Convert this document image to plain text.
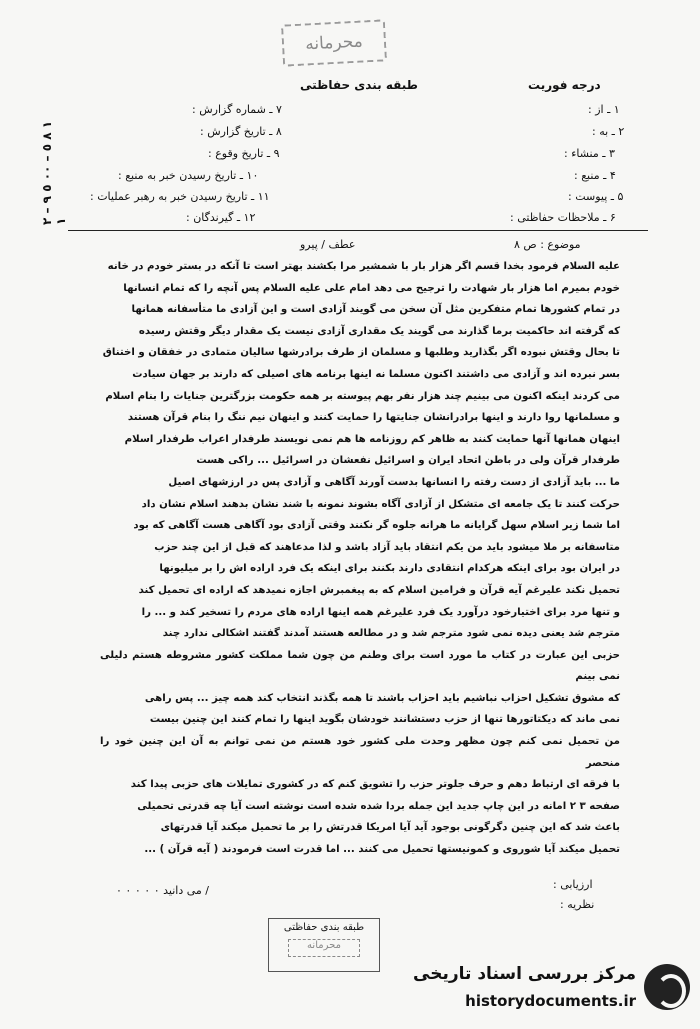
محرمانه
طبقه بندی حفاظتی	درجه فوریت
٥ – ٠٠ ٥ ٩ – ٢ ۸ ۱ ۱
۷ ـ شماره گزارش :
۸ ـ تاریخ گزارش :
۹ ـ تاریخ وقوع :
۱۰ ـ تاریخ رسیدن خبر به منبع :
۱۱ ـ تاریخ رسیدن خبر به رهبر عملیات :
۱۲ ـ گیرندگان :
۱ ـ از :
۲ ـ به :
۳ ـ منشاء :
۴ ـ منبع :
۵ ـ پیوست :
۶ ـ ملاحظات حفاظتی :
موضوع : ص ۸
عطف / پیرو

علیه السلام فرمود بخدا قسم اگر هزار بار با شمشیر مرا بکشند بهتر است تا آنکه در بستر خودم در خانه

خودم بمیرم اما هزار بار شهادت را ترجیح می دهد امام علی علیه السلام پس آنچه را که تمام انسانها

در تمام کشورها تمام متفکرین مثل آن سخن می گویند آزادی است و این آزادی ما متأسفانه همانها

که گرفته اند حاکمیت برما گذارند می گویند یک مقداری آزادی نیست یک مقدار دیگر وقتش رسیده

تا بحال وقتش نبوده اگر بگذارید وطلبها و مسلمان از طرف برادرشها سالیان متمادی در خفقان و اختناق

بسر نبرده اند و آزادی می داشتند اکنون مسلما نه اینها برنامه های اصیلی که دارند بر جهان سیادت

می کردند اینکه اکنون می بینیم چند هزار نفر بهم پیوسته بر همه حکومت بزرگترین جنایات را بنام اسلام

و مسلمانها روا دارند و اینها برادرانشان جنایتها را حمایت کنند و اینهان نیم ننگ را بنام قرآن هستند

اینهان همانها آنها حمایت کنند به ظاهر کم روزنامه ها هم نمی نویسند طرفدار اعراب طرفدار اسلام

طرفدار قرآن ولی در باطن اتحاد ایران و اسرائیل نفعشان در اسرائیل ... راکی هست

ما ... باید آزادی از دست رفته را انسانها بدست آورند آگاهی و آزادی پس در ارزشهای اصیل

حرکت کنند تا یک جامعه ای متشکل از آزادی آگاه بشوند نمونه با شند نشان بدهند اسلام نشان داد

اما شما زیر اسلام سهل گرایانه ما هرانه جلوه گر نکنند وقتی آزادی بود آگاهی هست آگاهی که بود

متاسفانه بر ملا میشود باید من یکم انتقاد باید آزاد باشد و لذا مدعاهند که قبل از این چند حزب

در ایران بود برای اینکه هرکدام انتقادی دارند بکنند برای اینکه یک فرد اراده اش را بر میلیونها

تحمیل نکند علیرغم آیه قرآن و فرامین اسلام که به پیغمبرش اجازه نمیدهد که اراده ای تحمیل کند

و تنها مرد برای اختیارخود درآورد یک فرد علیرغم همه اینها اراده های مردم را تسخیر کند و ... را

مترجم شد یعنی دیده نمی شود مترجم شد و در مطالعه هستند آمدند گفتند اشکالی ندارد چند

حزبی این عبارت در کتاب ما مورد است برای وطنم من چون شما مملکت کشور مشروطه هستم دلیلی نمی بینم

که مشوق تشکیل احزاب نباشیم باید احزاب باشند تا همه بگذند انتخاب کند همه چیز ... پس راهی

نمی ماند که دیکتاتورها تنها از حزب دستشانند خودشان بگوید اینها را تمام کنند این چنین بیست

من تحمیل نمی کنم چون مظهر وحدت ملی کشور خود هستم من نمی توانم به آن این چنین خود را منحصر

با فرقه ای ارتباط دهم و حرف جلوتر حزب را تشویق کنم که در کشوری تمایلات های حزبی پیدا کند

صفحه ۳ ۲ امانه در این چاپ جدید این جمله بردا شده شده است نوشته است آیا چه قدرتی تحمیلی

باعث شد که این چنین دگرگونی بوجود آید آیا امریکا قدرتش را بر ما تحمیل میکند آیا قدرتهای

تحمیل میکند آیا شوروی و کمونیستها تحمیل می کنند ... اما قدرت است فرمودند ( آیه قرآن ) ...

/ می دانید ۰ ۰ ۰ ۰ ۰	ارزیابی :
نظریه :
طبقه بندی حفاظتی
محرمانه
مرکز بررسی اسناد تاریخی
historydocuments.ir
